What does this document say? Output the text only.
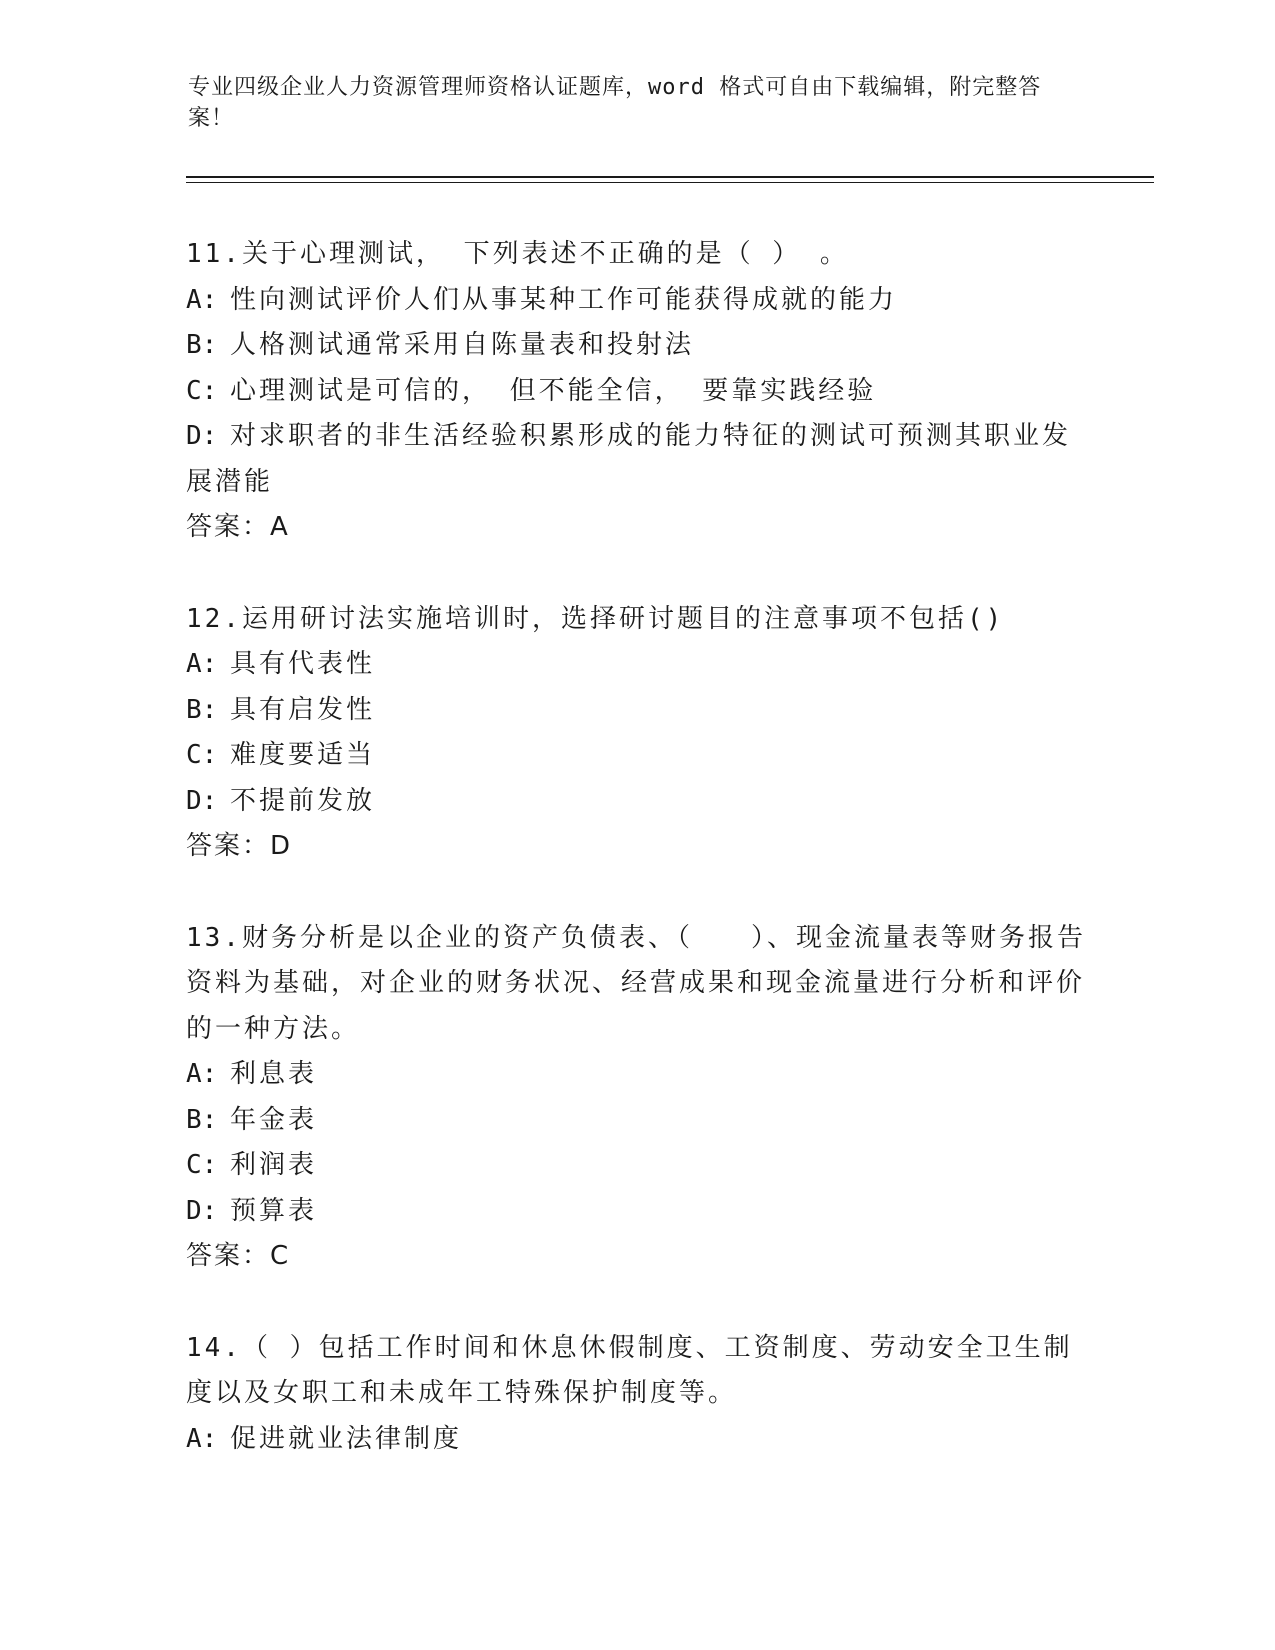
专业四级企业人力资源管理师资格认证题库，word 格式可自由下载编辑，附完整答案！

11.关于心理测试， 下列表述不正确的是（ ） 。

A: 性向测试评价人们从事某种工作可能获得成就的能力

B: 人格测试通常采用自陈量表和投射法

C: 心理测试是可信的， 但不能全信， 要靠实践经验

D: 对求职者的非生活经验积累形成的能力特征的测试可预测其职业发展潜能

答案：A

12.运用研讨法实施培训时，选择研讨题目的注意事项不包括()

A: 具有代表性

B: 具有启发性

C: 难度要适当

D: 不提前发放

答案：D

13.财务分析是以企业的资产负债表、（　　）、现金流量表等财务报告资料为基础，对企业的财务状况、经营成果和现金流量进行分析和评价的一种方法。

A: 利息表

B: 年金表

C: 利润表

D: 预算表

答案：C

14.（ ）包括工作时间和休息休假制度、工资制度、劳动安全卫生制度以及女职工和未成年工特殊保护制度等。

A: 促进就业法律制度
